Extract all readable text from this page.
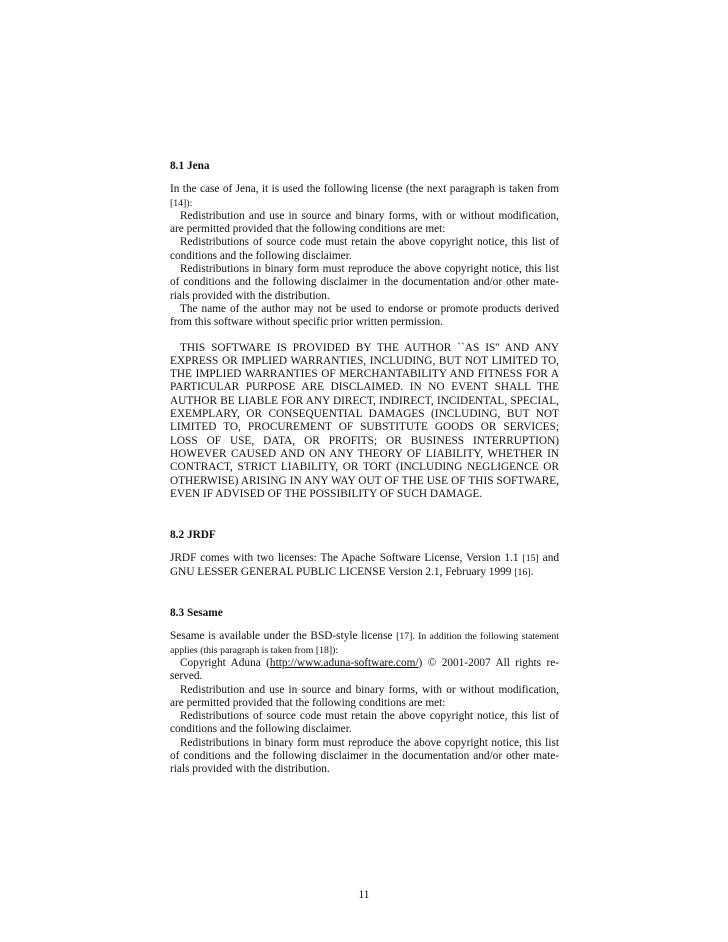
8.1 Jena

In the case of Jena, it is used the following license (the next paragraph is taken from [14]):

Redistribution and use in source and binary forms, with or without modification, are permitted provided that the following conditions are met:

Redistributions of source code must retain the above copyright notice, this list of conditions and the following disclaimer.

Redistributions in binary form must reproduce the above copyright notice, this list of conditions and the following disclaimer in the documentation and/or other mate-rials provided with the distribution.

The name of the author may not be used to endorse or promote products derived from this software without specific prior written permission.

THIS SOFTWARE IS PROVIDED BY THE AUTHOR ``AS IS'' AND ANY EXPRESS OR IMPLIED WARRANTIES, INCLUDING, BUT NOT LIMITED TO, THE IMPLIED WARRANTIES OF MERCHANTABILITY AND FITNESS FOR A PARTICULAR PURPOSE ARE DISCLAIMED. IN NO EVENT SHALL THE AUTHOR BE LIABLE FOR ANY DIRECT, INDIRECT, INCIDENTAL, SPECIAL, EXEMPLARY, OR CONSEQUENTIAL DAMAGES (INCLUDING, BUT NOT LIMITED TO, PROCUREMENT OF SUBSTITUTE GOODS OR SERVICES; LOSS OF USE, DATA, OR PROFITS; OR BUSINESS INTERRUPTION) HOWEVER CAUSED AND ON ANY THEORY OF LIABILITY, WHETHER IN CONTRACT, STRICT LIABILITY, OR TORT (INCLUDING NEGLIGENCE OR OTHERWISE) ARISING IN ANY WAY OUT OF THE USE OF THIS SOFTWARE, EVEN IF ADVISED OF THE POSSIBILITY OF SUCH DAMAGE.

8.2 JRDF

JRDF comes with two licenses: The Apache Software License, Version 1.1 [15] and GNU LESSER GENERAL PUBLIC LICENSE Version 2.1, February 1999 [16].

8.3 Sesame

Sesame is available under the BSD-style license [17]. In addition the following statement applies (this paragraph is taken from [18]):

Copyright Aduna (http://www.aduna-software.com/) © 2001-2007 All rights re-served.

Redistribution and use in source and binary forms, with or without modification, are permitted provided that the following conditions are met:

Redistributions of source code must retain the above copyright notice, this list of conditions and the following disclaimer.

Redistributions in binary form must reproduce the above copyright notice, this list of conditions and the following disclaimer in the documentation and/or other mate-rials provided with the distribution.

11
